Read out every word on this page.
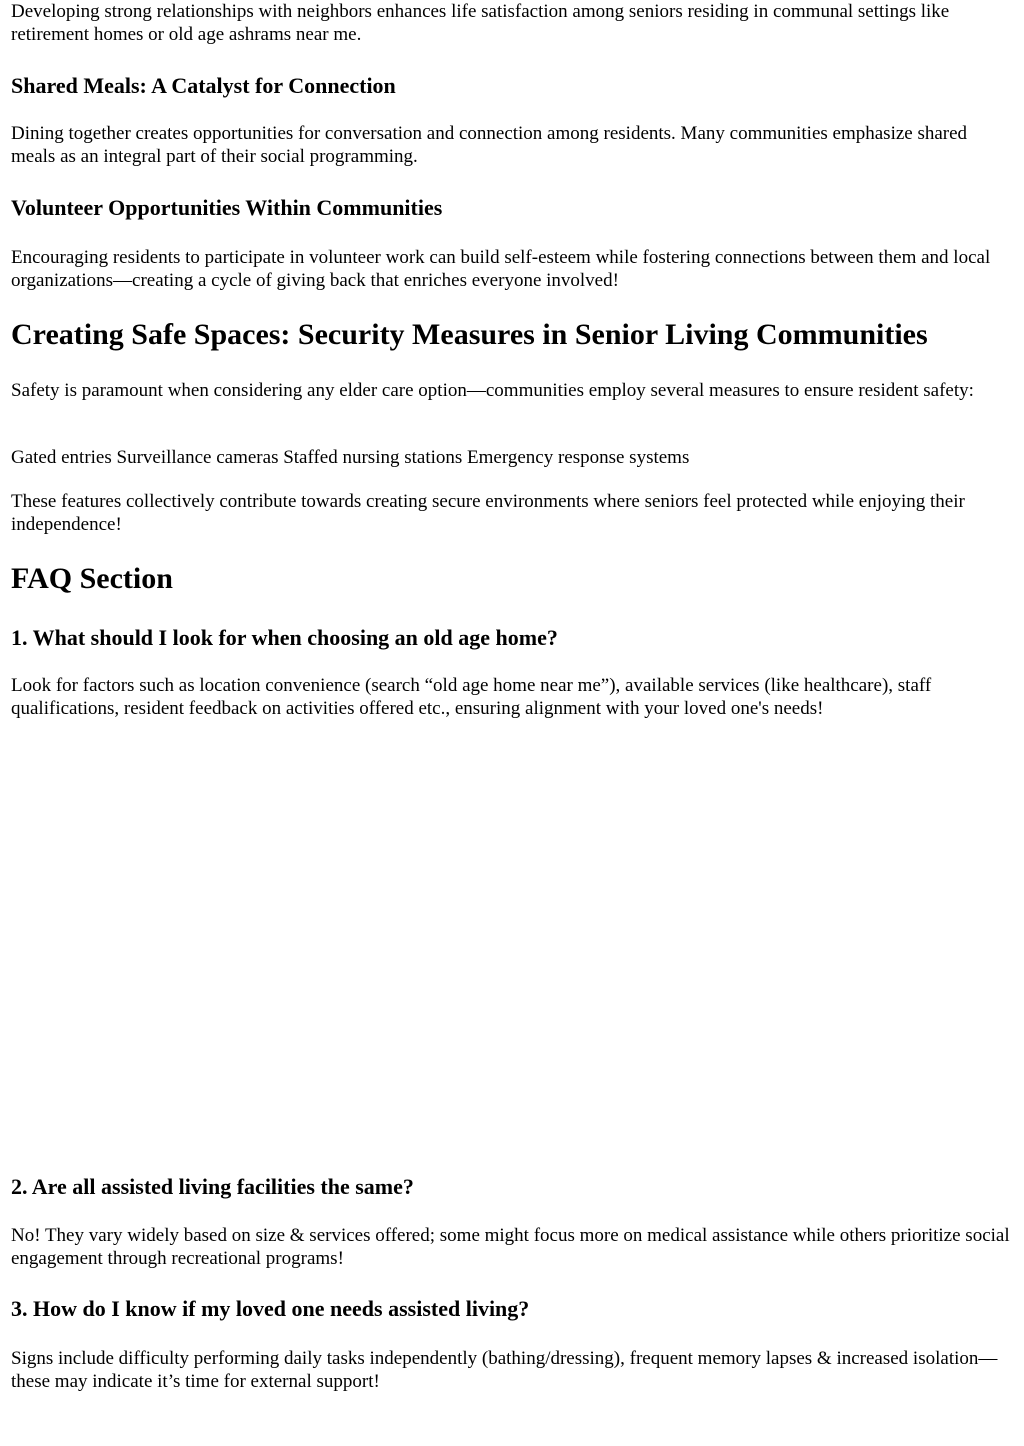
Developing strong relationships with neighbors enhances life satisfaction among seniors residing in communal settings like retirement homes or old age ashrams near me.

Shared Meals: A Catalyst for Connection

Dining together creates opportunities for conversation and connection among residents. Many communities emphasize shared meals as an integral part of their social programming.

Volunteer Opportunities Within Communities

Encouraging residents to participate in volunteer work can build self-esteem while fostering connections between them and local organizations—creating a cycle of giving back that enriches everyone involved!

Creating Safe Spaces: Security Measures in Senior Living Communities

Safety is paramount when considering any elder care option—communities employ several measures to ensure resident safety:

Gated entries Surveillance cameras Staffed nursing stations Emergency response systems

These features collectively contribute towards creating secure environments where seniors feel protected while enjoying their independence!

FAQ Section
1. What should I look for when choosing an old age home?

Look for factors such as location convenience (search “old age home near me”), available services (like healthcare), staff qualifications, resident feedback on activities offered etc., ensuring alignment with your loved one's needs!

2. Are all assisted living facilities the same?

No! They vary widely based on size & services offered; some might focus more on medical assistance while others prioritize social engagement through recreational programs!

3. How do I know if my loved one needs assisted living?

Signs include difficulty performing daily tasks independently (bathing/dressing), frequent memory lapses & increased isolation—these may indicate it’s time for external support!
